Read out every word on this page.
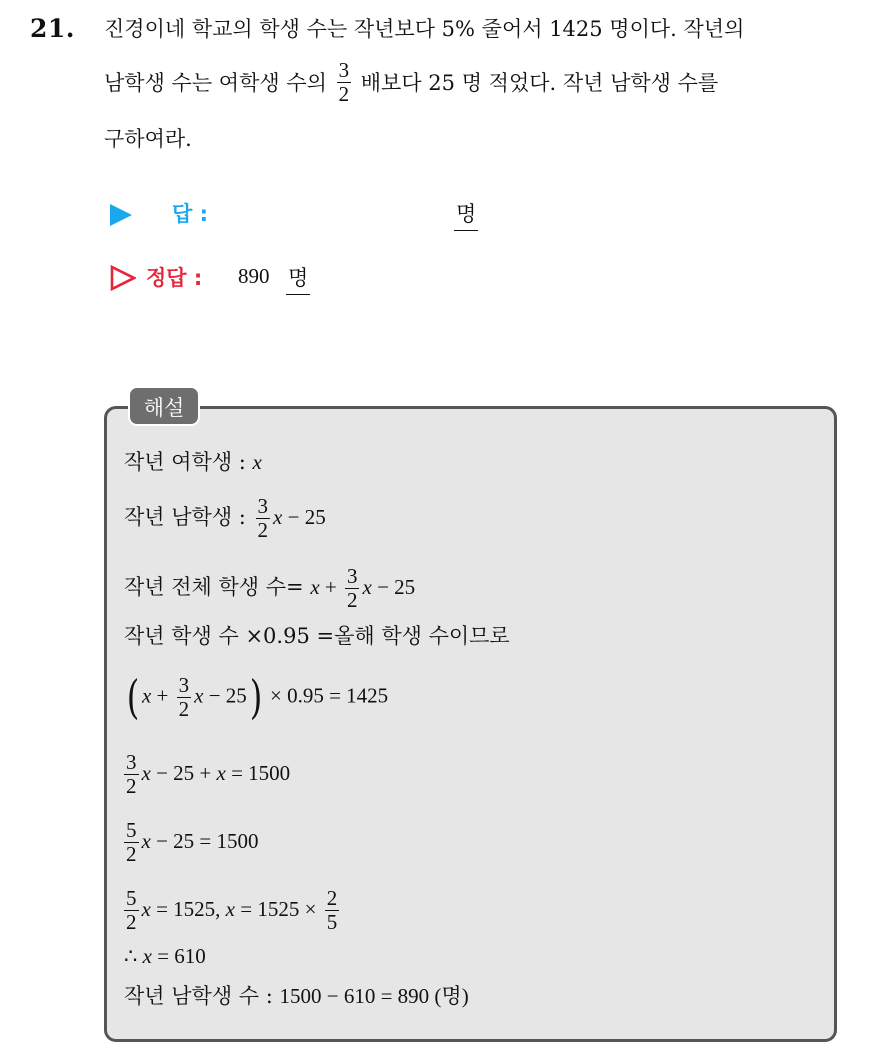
21. 진경이네 학교의 학생 수는 작년보다 5% 줄어서 1425 명이다. 작년의
남학생 수는 여학생 수의 $\frac{3}{2}$ 배보다 25 명 적었다. 작년 남학생 수를
구하여라.
답 :	명
정답 : 890 명
해설
작년 여학생 : x
작년 남학생 : $\frac{3}{2}$ x − 25
작년 전체 학생 수= $x + \frac{3}{2}$ x − 25
작년 학생 수 ×0.95 =올해 학생 수이므로
( $x + \frac{3}{2}$ x − 25) × 0.95 = 1425
$\frac{3}{2}$ x − 25 + x = 1500
$\frac{5}{2}$ x − 25 = 1500
$\frac{5}{2}$ x = 1525, $x = 1525 \times \frac{2}{5}$
∴ x = 610
작년 남학생 수 : 1500 − 610 = 890 (명)
